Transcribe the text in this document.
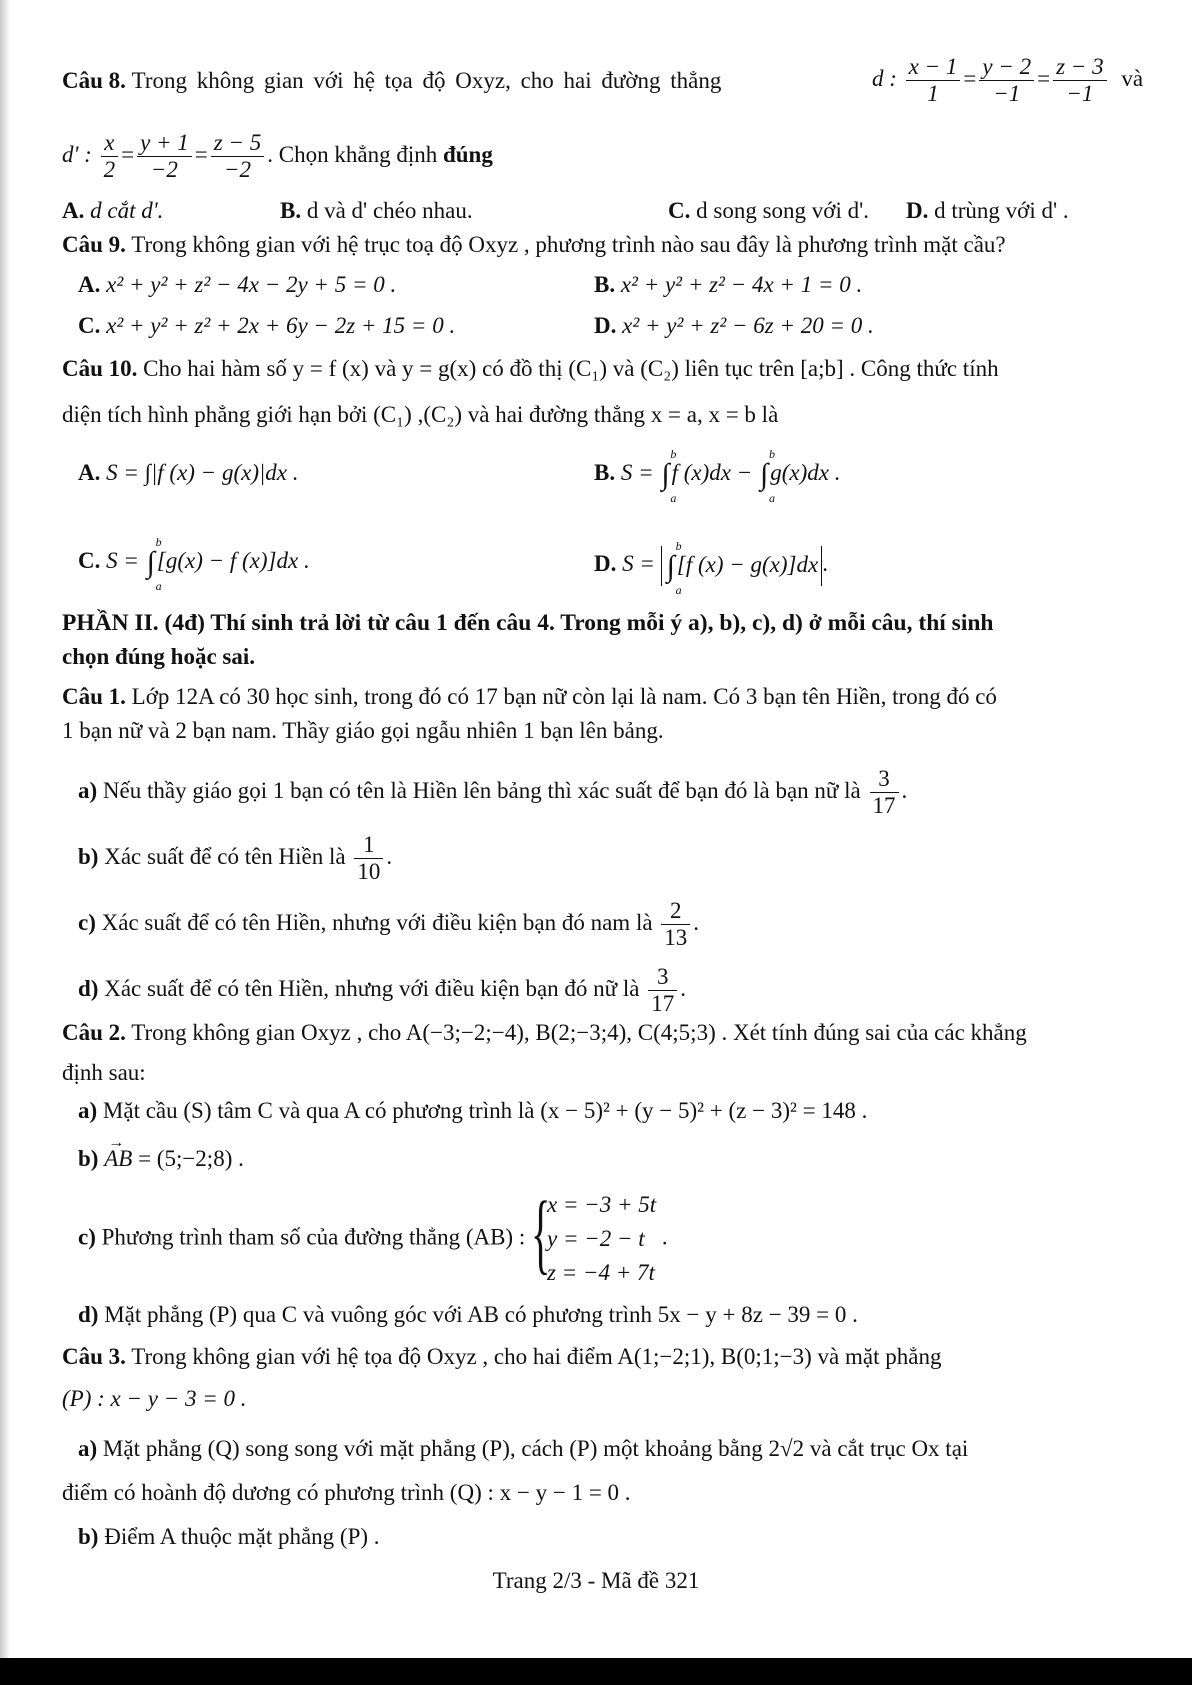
Câu 8. Trong không gian với hệ tọa độ Oxyz, cho hai đường thẳng	d : $\frac{x - 1}{1} = \frac{y - 2}{-1} = \frac{z - 3}{-1}$ và
d' : $\frac{x}{2} = \frac{y + 1}{-2} = \frac{z - 5}{-2}$ . Chọn khẳng định đúng
A. d cắt d'.	B. d và d' chéo nhau.	C. d song song với d'. D. d trùng với d' .
Câu 9. Trong không gian với hệ trục toạ độ Oxyz , phương trình nào sau đây là phương trình mặt cầu?
A. x² + y² + z² − 4x − 2y + 5 = 0 .	B. x² + y² + z² − 4x + 1 = 0 .
C. x² + y² + z² + 2x + 6y − 2z + 15 = 0 .	D. x² + y² + z² − 6z + 20 = 0 .
Câu 10. Cho hai hàm số y = f (x) và y = g(x) có đồ thị (C₁) và (C₂) liên tục trên [a;b] . Công thức tính
diện tích hình phẳng giới hạn bởi (C₁) ,(C₂) và hai đường thẳng x = a, x = b là
A. S = ∫|f (x) − g(x)|dx .	B. S = ∫
b
a
f (x)dx − ∫
b
a
g(x)dx .
C. S = ∫
b
a
[g(x) − f (x)]dx .	D. S = ∫
b
a
[f (x) − g(x)]dx .
PHẦN II. (4đ) Thí sinh trả lời từ câu 1 đến câu 4. Trong mỗi ý a), b), c), d) ở mỗi câu, thí sinh
chọn đúng hoặc sai.
Câu 1. Lớp 12A có 30 học sinh, trong đó có 17 bạn nữ còn lại là nam. Có 3 bạn tên Hiền, trong đó có
1 bạn nữ và 2 bạn nam. Thầy giáo gọi ngẫu nhiên 1 bạn lên bảng.
a) Nếu thầy giáo gọi 1 bạn có tên là Hiền lên bảng thì xác suất để bạn đó là bạn nữ là $\frac{3}{17}$ .
b) Xác suất để có tên Hiền là $\frac{1}{10}$ .
c) Xác suất để có tên Hiền, nhưng với điều kiện bạn đó nam là $\frac{2}{13}$ .
d) Xác suất để có tên Hiền, nhưng với điều kiện bạn đó nữ là $\frac{3}{17}$ .
Câu 2. Trong không gian Oxyz , cho A(−3;−2;−4), B(2;−3;4), C(4;5;3) . Xét tính đúng sai của các khẳng
định sau:
a) Mặt cầu (S) tâm C và qua A có phương trình là (x − 5)² + (y − 5)² + (z − 3)² = 148 .
b) → AB = (5;−2;8) .
c) Phương trình tham số của đường thẳng (AB) : {
x = −3 + 5t
y = −2 − t
z = −4 + 7t
.
d) Mặt phẳng (P) qua C và vuông góc với AB có phương trình 5x − y + 8z − 39 = 0 .
Câu 3. Trong không gian với hệ tọa độ Oxyz , cho hai điểm A(1;−2;1), B(0;1;−3) và mặt phẳng
(P) : x − y − 3 = 0 .
a) Mặt phẳng (Q) song song với mặt phẳng (P), cách (P) một khoảng bằng 2√2 và cắt trục Ox tại
điểm có hoành độ dương có phương trình (Q) : x − y − 1 = 0 .
b) Điểm A thuộc mặt phẳng (P) .
Trang 2/3 - Mã đề 321
